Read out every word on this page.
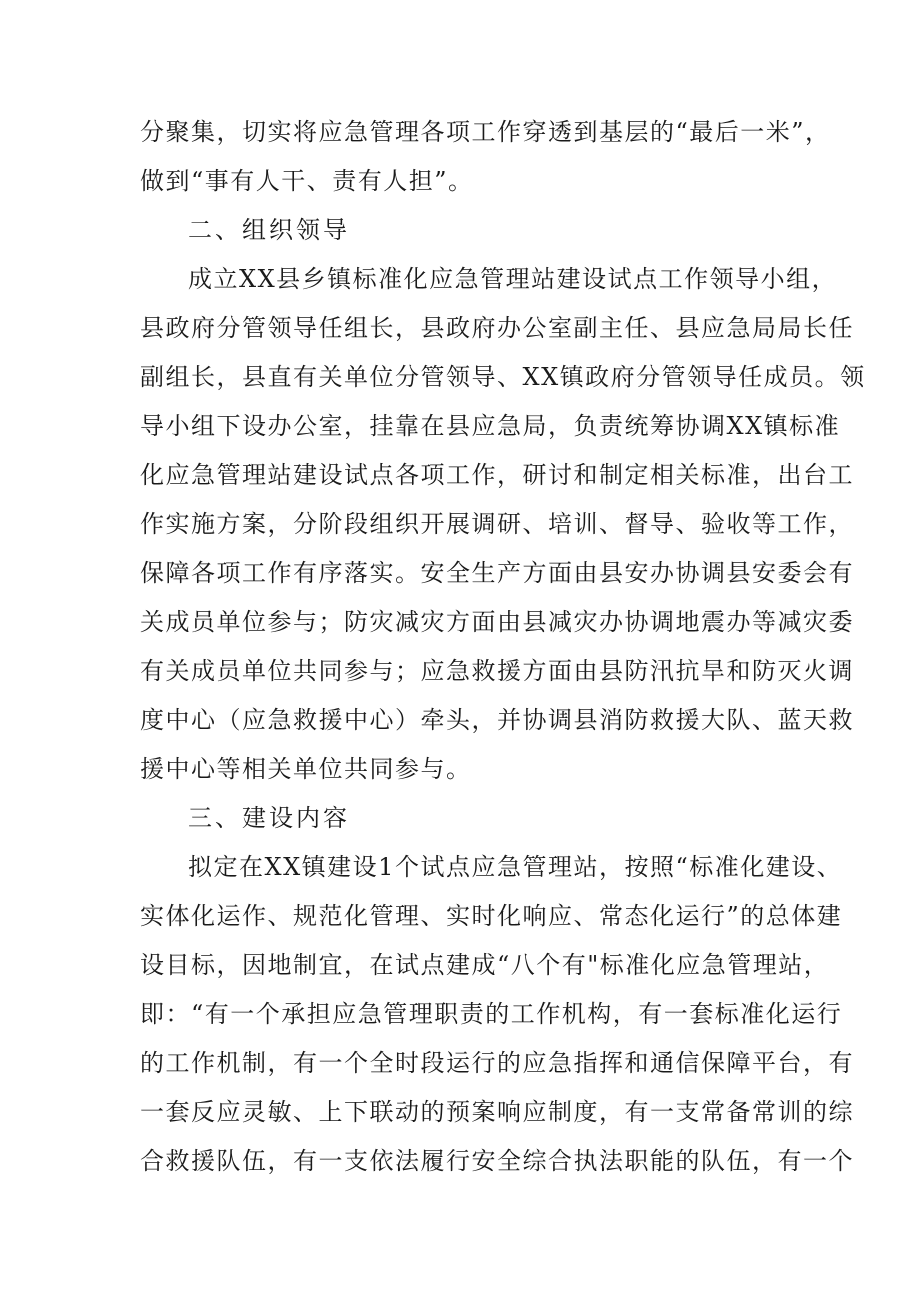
分聚集，切实将应急管理各项工作穿透到基层的“最后一米”，
做到“事有人干、责有人担”。
二、组织领导
成立XX县乡镇标准化应急管理站建设试点工作领导小组，
县政府分管领导任组长，县政府办公室副主任、县应急局局长任
副组长，县直有关单位分管领导、XX镇政府分管领导任成员。领
导小组下设办公室，挂靠在县应急局，负责统筹协调XX镇标准
化应急管理站建设试点各项工作，研讨和制定相关标准，出台工
作实施方案，分阶段组织开展调研、培训、督导、验收等工作，
保障各项工作有序落实。安全生产方面由县安办协调县安委会有
关成员单位参与；防灾减灾方面由县减灾办协调地震办等减灾委
有关成员单位共同参与；应急救援方面由县防汛抗旱和防灭火调
度中心（应急救援中心）牵头，并协调县消防救援大队、蓝天救
援中心等相关单位共同参与。
三、建设内容
拟定在XX镇建设1个试点应急管理站，按照“标准化建设、
实体化运作、规范化管理、实时化响应、常态化运行”的总体建
设目标，因地制宜，在试点建成“八个有"标准化应急管理站，
即：“有一个承担应急管理职责的工作机构，有一套标准化运行
的工作机制，有一个全时段运行的应急指挥和通信保障平台，有
一套反应灵敏、上下联动的预案响应制度，有一支常备常训的综
合救援队伍，有一支依法履行安全综合执法职能的队伍，有一个
